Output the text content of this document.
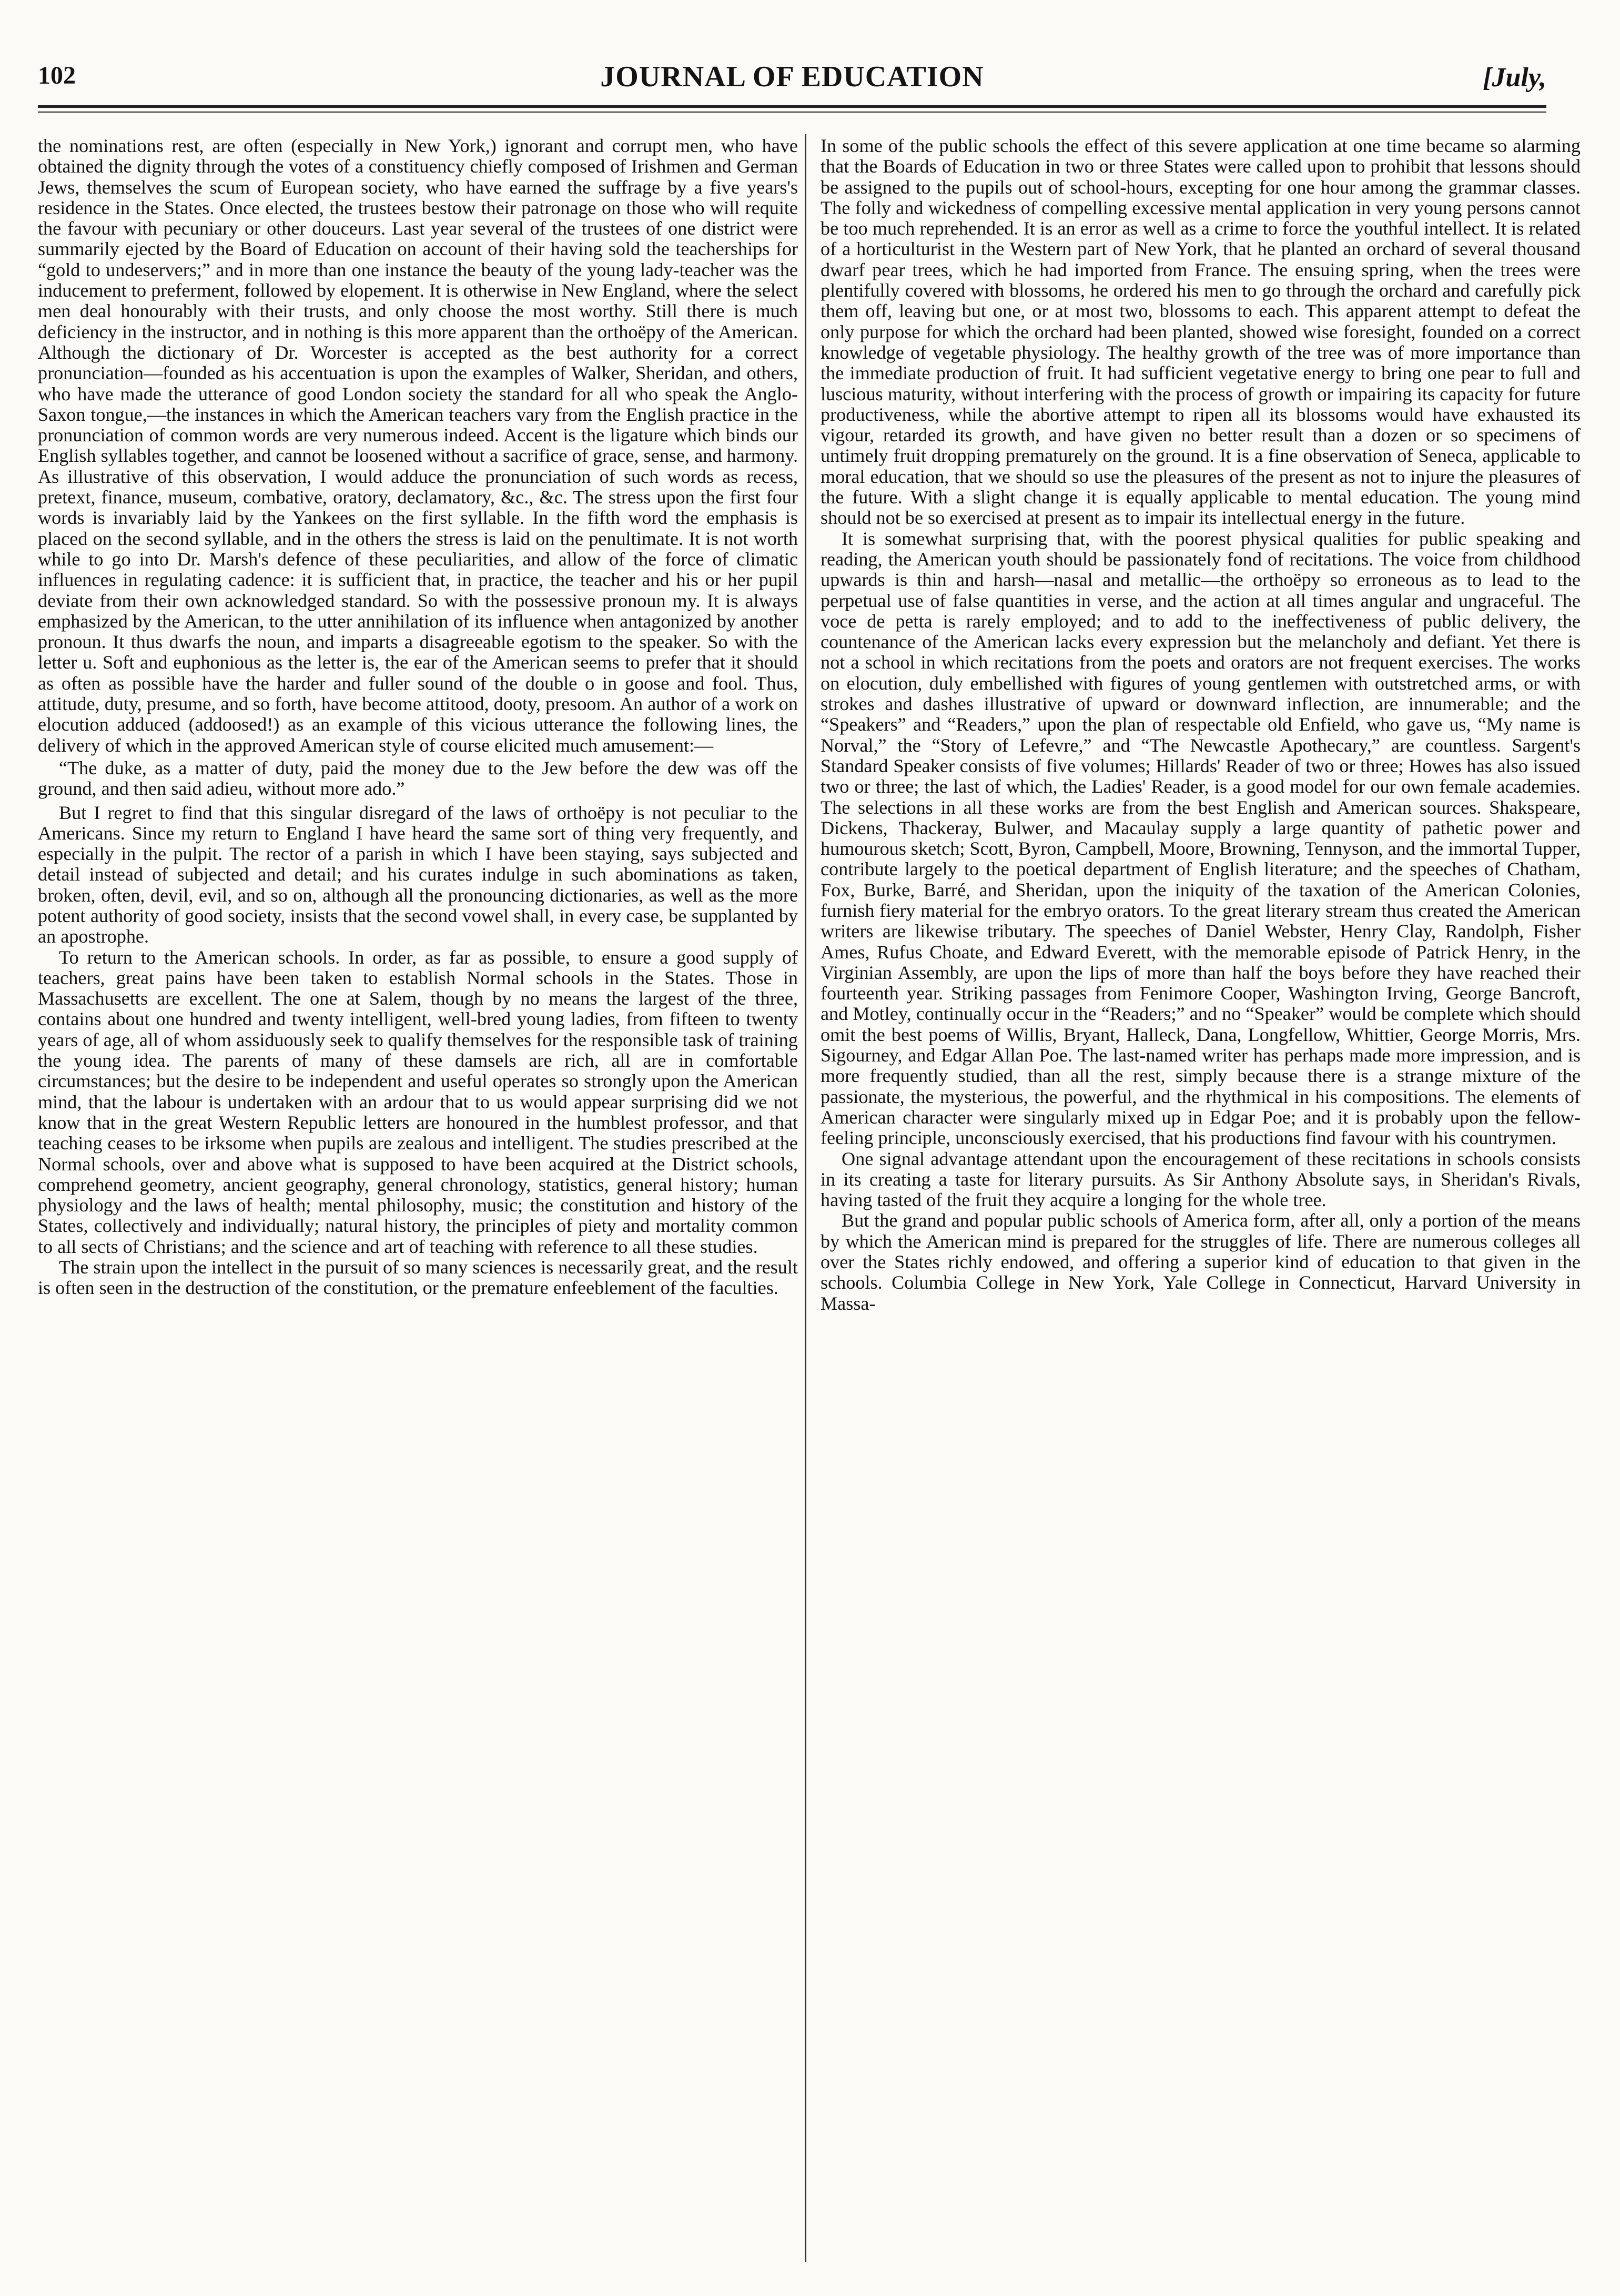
102	JOURNAL OF EDUCATION	[July,

the nominations rest, are often (especially in New York,) ignorant and corrupt men, who have obtained the dignity through the votes of a constituency chiefly composed of Irishmen and German Jews, themselves the scum of European society, who have earned the suffrage by a five years's residence in the States. Once elected, the trustees bestow their patronage on those who will requite the favour with pecuniary or other douceurs. Last year several of the trustees of one district were summarily ejected by the Board of Education on account of their having sold the teacherships for “gold to undeservers;” and in more than one instance the beauty of the young lady-teacher was the inducement to preferment, followed by elopement. It is otherwise in New England, where the select men deal honourably with their trusts, and only choose the most worthy. Still there is much deficiency in the instructor, and in nothing is this more apparent than the orthoëpy of the American. Although the dictionary of Dr. Worcester is accepted as the best authority for a correct pronunciation—founded as his accentuation is upon the examples of Walker, Sheridan, and others, who have made the utterance of good London society the standard for all who speak the Anglo-Saxon tongue,—the instances in which the American teachers vary from the English practice in the pronunciation of common words are very numerous indeed. Accent is the ligature which binds our English syllables together, and cannot be loosened without a sacrifice of grace, sense, and harmony. As illustrative of this observation, I would adduce the pronunciation of such words as recess, pretext, finance, museum, combative, oratory, declamatory, &c., &c. The stress upon the first four words is invariably laid by the Yankees on the first syllable. In the fifth word the emphasis is placed on the second syllable, and in the others the stress is laid on the penultimate. It is not worth while to go into Dr. Marsh's defence of these peculiarities, and allow of the force of climatic influences in regulating cadence: it is sufficient that, in practice, the teacher and his or her pupil deviate from their own acknowledged standard. So with the possessive pronoun my. It is always emphasized by the American, to the utter annihilation of its influence when antagonized by another pronoun. It thus dwarfs the noun, and imparts a disagreeable egotism to the speaker. So with the letter u. Soft and euphonious as the letter is, the ear of the American seems to prefer that it should as often as possible have the harder and fuller sound of the double o in goose and fool. Thus, attitude, duty, presume, and so forth, have become attitood, dooty, presoom. An author of a work on elocution adduced (addoosed!) as an example of this vicious utterance the following lines, the delivery of which in the approved American style of course elicited much amusement:—

“The duke, as a matter of duty, paid the money due to the Jew before the dew was off the ground, and then said adieu, without more ado.”

But I regret to find that this singular disregard of the laws of orthoëpy is not peculiar to the Americans. Since my return to England I have heard the same sort of thing very frequently, and especially in the pulpit. The rector of a parish in which I have been staying, says subjected and detail instead of subjected and detail; and his curates indulge in such abominations as taken, broken, often, devil, evil, and so on, although all the pronouncing dictionaries, as well as the more potent authority of good society, insists that the second vowel shall, in every case, be supplanted by an apostrophe.

To return to the American schools. In order, as far as possible, to ensure a good supply of teachers, great pains have been taken to establish Normal schools in the States. Those in Massachusetts are excellent. The one at Salem, though by no means the largest of the three, contains about one hundred and twenty intelligent, well-bred young ladies, from fifteen to twenty years of age, all of whom assiduously seek to qualify themselves for the responsible task of training the young idea. The parents of many of these damsels are rich, all are in comfortable circumstances; but the desire to be independent and useful operates so strongly upon the American mind, that the labour is undertaken with an ardour that to us would appear surprising did we not know that in the great Western Republic letters are honoured in the humblest professor, and that teaching ceases to be irksome when pupils are zealous and intelligent. The studies prescribed at the Normal schools, over and above what is supposed to have been acquired at the District schools, comprehend geometry, ancient geography, general chronology, statistics, general history; human physiology and the laws of health; mental philosophy, music; the constitution and history of the States, collectively and individually; natural history, the principles of piety and mortality common to all sects of Christians; and the science and art of teaching with reference to all these studies.

The strain upon the intellect in the pursuit of so many sciences is necessarily great, and the result is often seen in the destruction of the constitution, or the premature enfeeblement of the faculties.

In some of the public schools the effect of this severe application at one time became so alarming that the Boards of Education in two or three States were called upon to prohibit that lessons should be assigned to the pupils out of school-hours, excepting for one hour among the grammar classes. The folly and wickedness of compelling excessive mental application in very young persons cannot be too much reprehended. It is an error as well as a crime to force the youthful intellect. It is related of a horticulturist in the Western part of New York, that he planted an orchard of several thousand dwarf pear trees, which he had imported from France. The ensuing spring, when the trees were plentifully covered with blossoms, he ordered his men to go through the orchard and carefully pick them off, leaving but one, or at most two, blossoms to each. This apparent attempt to defeat the only purpose for which the orchard had been planted, showed wise foresight, founded on a correct knowledge of vegetable physiology. The healthy growth of the tree was of more importance than the immediate production of fruit. It had sufficient vegetative energy to bring one pear to full and luscious maturity, without interfering with the process of growth or impairing its capacity for future productiveness, while the abortive attempt to ripen all its blossoms would have exhausted its vigour, retarded its growth, and have given no better result than a dozen or so specimens of untimely fruit dropping prematurely on the ground. It is a fine observation of Seneca, applicable to moral education, that we should so use the pleasures of the present as not to injure the pleasures of the future. With a slight change it is equally applicable to mental education. The young mind should not be so exercised at present as to impair its intellectual energy in the future.

It is somewhat surprising that, with the poorest physical qualities for public speaking and reading, the American youth should be passionately fond of recitations. The voice from childhood upwards is thin and harsh—nasal and metallic—the orthoëpy so erroneous as to lead to the perpetual use of false quantities in verse, and the action at all times angular and ungraceful. The voce de petta is rarely employed; and to add to the ineffectiveness of public delivery, the countenance of the American lacks every expression but the melancholy and defiant. Yet there is not a school in which recitations from the poets and orators are not frequent exercises. The works on elocution, duly embellished with figures of young gentlemen with outstretched arms, or with strokes and dashes illustrative of upward or downward inflection, are innumerable; and the “Speakers” and “Readers,” upon the plan of respectable old Enfield, who gave us, “My name is Norval,” the “Story of Lefevre,” and “The Newcastle Apothecary,” are countless. Sargent's Standard Speaker consists of five volumes; Hillards' Reader of two or three; Howes has also issued two or three; the last of which, the Ladies' Reader, is a good model for our own female academies. The selections in all these works are from the best English and American sources. Shakspeare, Dickens, Thackeray, Bulwer, and Macaulay supply a large quantity of pathetic power and humourous sketch; Scott, Byron, Campbell, Moore, Browning, Tennyson, and the immortal Tupper, contribute largely to the poetical department of English literature; and the speeches of Chatham, Fox, Burke, Barré, and Sheridan, upon the iniquity of the taxation of the American Colonies, furnish fiery material for the embryo orators. To the great literary stream thus created the American writers are likewise tributary. The speeches of Daniel Webster, Henry Clay, Randolph, Fisher Ames, Rufus Choate, and Edward Everett, with the memorable episode of Patrick Henry, in the Virginian Assembly, are upon the lips of more than half the boys before they have reached their fourteenth year. Striking passages from Fenimore Cooper, Washington Irving, George Bancroft, and Motley, continually occur in the “Readers;” and no “Speaker” would be complete which should omit the best poems of Willis, Bryant, Halleck, Dana, Longfellow, Whittier, George Morris, Mrs. Sigourney, and Edgar Allan Poe. The last-named writer has perhaps made more impression, and is more frequently studied, than all the rest, simply because there is a strange mixture of the passionate, the mysterious, the powerful, and the rhythmical in his compositions. The elements of American character were singularly mixed up in Edgar Poe; and it is probably upon the fellow-feeling principle, unconsciously exercised, that his productions find favour with his countrymen.

One signal advantage attendant upon the encouragement of these recitations in schools consists in its creating a taste for literary pursuits. As Sir Anthony Absolute says, in Sheridan's Rivals, having tasted of the fruit they acquire a longing for the whole tree.

But the grand and popular public schools of America form, after all, only a portion of the means by which the American mind is prepared for the struggles of life. There are numerous colleges all over the States richly endowed, and offering a superior kind of education to that given in the schools. Columbia College in New York, Yale College in Connecticut, Harvard University in Massa-
